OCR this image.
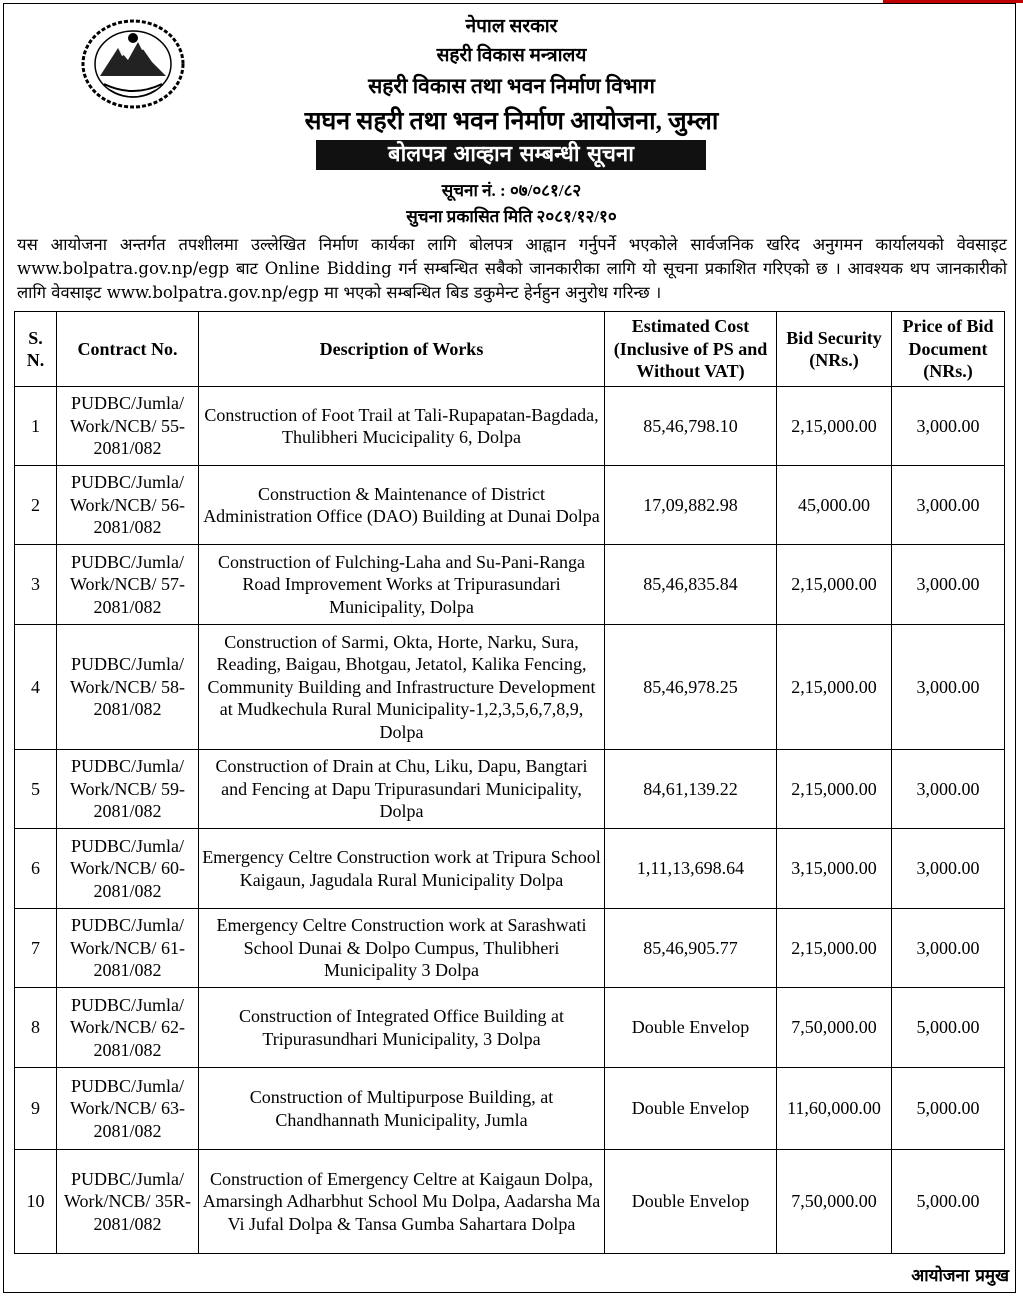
नेपाल सरकार
सहरी विकास मन्त्रालय
सहरी विकास तथा भवन निर्माण विभाग
सघन सहरी तथा भवन निर्माण आयोजना, जुम्ला
बोलपत्र आव्हान सम्बन्धी सूचना
सूचना नं. : ०७/०८१/८२
सुचना प्रकासित मिति २०८१/१२/१०
यस आयोजना अन्तर्गत तपशीलमा उल्लेखित निर्माण कार्यका लागि बोलपत्र आह्वान गर्नुपर्ने भएकोले सार्वजनिक खरिद अनुगमन कार्यालयको वेवसाइट www.bolpatra.gov.np/egp बाट Online Bidding गर्न सम्बन्धित सबैको जानकारीका लागि यो सूचना प्रकाशित गरिएको छ । आवश्यक थप जानकारीको लागि वेवसाइट www.bolpatra.gov.np/egp मा भएको सम्बन्धित बिड डकुमेन्ट हेर्नहुन अनुरोध गरिन्छ ।
S. N.	Contract No.	Description of Works	Estimated Cost (Inclusive of PS and Without VAT)	Bid Security (NRs.)	Price of Bid Document (NRs.)
1	PUDBC/Jumla/ Work/NCB/ 55-2081/082	Construction of Foot Trail at Tali-Rupapatan-Bagdada, Thulibheri Mucicipality 6, Dolpa	85,46,798.10	2,15,000.00	3,000.00
2	PUDBC/Jumla/ Work/NCB/ 56-2081/082	Construction & Maintenance of District Administration Office (DAO) Building at Dunai Dolpa	17,09,882.98	45,000.00	3,000.00
3	PUDBC/Jumla/ Work/NCB/ 57-2081/082	Construction of Fulching-Laha and Su-Pani-Ranga Road Improvement Works at Tripurasundari Municipality, Dolpa	85,46,835.84	2,15,000.00	3,000.00
4	PUDBC/Jumla/ Work/NCB/ 58-2081/082	Construction of Sarmi, Okta, Horte, Narku, Sura, Reading, Baigau, Bhotgau, Jetatol, Kalika Fencing, Community Building and Infrastructure Development at Mudkechula Rural Municipality-1,2,3,5,6,7,8,9, Dolpa	85,46,978.25	2,15,000.00	3,000.00
5	PUDBC/Jumla/ Work/NCB/ 59-2081/082	Construction of Drain at Chu, Liku, Dapu, Bangtari and Fencing at Dapu Tripurasundari Municipality, Dolpa	84,61,139.22	2,15,000.00	3,000.00
6	PUDBC/Jumla/ Work/NCB/ 60-2081/082	Emergency Celtre Construction work at Tripura School Kaigaun, Jagudala Rural Municipality Dolpa	1,11,13,698.64	3,15,000.00	3,000.00
7	PUDBC/Jumla/ Work/NCB/ 61-2081/082	Emergency Celtre Construction work at Sarashwati School Dunai & Dolpo Cumpus, Thulibheri Municipality 3 Dolpa	85,46,905.77	2,15,000.00	3,000.00
8	PUDBC/Jumla/ Work/NCB/ 62-2081/082	Construction of Integrated Office Building at Tripurasundhari Municipality, 3 Dolpa	Double Envelop	7,50,000.00	5,000.00
9	PUDBC/Jumla/ Work/NCB/ 63-2081/082	Construction of Multipurpose Building, at Chandhannath Municipality, Jumla	Double Envelop	11,60,000.00	5,000.00
10	PUDBC/Jumla/ Work/NCB/ 35R-2081/082	Construction of Emergency Celtre at Kaigaun Dolpa, Amarsingh Adharbhut School Mu Dolpa, Aadarsha Ma Vi Jufal Dolpa & Tansa Gumba Sahartara Dolpa	Double Envelop	7,50,000.00	5,000.00
आयोजना प्रमुख
